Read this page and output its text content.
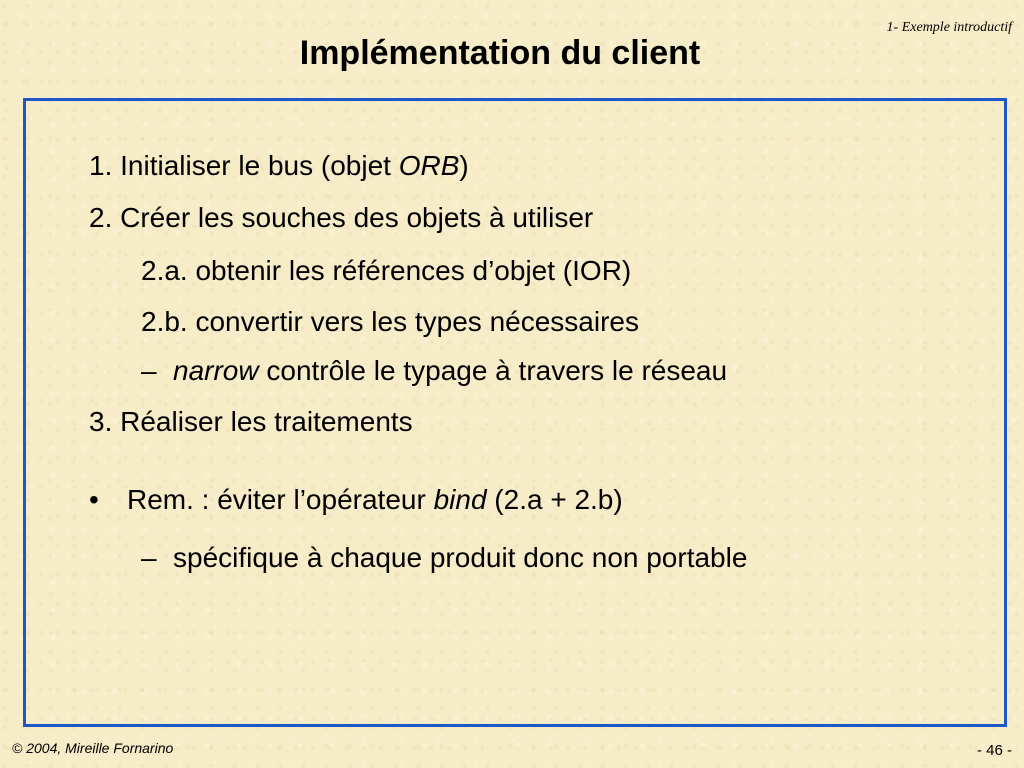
1- Exemple introductif
Implémentation du client
1. Initialiser le bus (objet ORB)
2. Créer les souches des objets à utiliser
2.a. obtenir les références d’objet (IOR)
2.b. convertir vers les types nécessaires
– narrow contrôle le typage à travers le réseau
3. Réaliser les traitements
• Rem. : éviter l’opérateur bind (2.a + 2.b)
– spécifique à chaque produit donc non portable
© 2004, Mireille Fornarino	- 46 -
